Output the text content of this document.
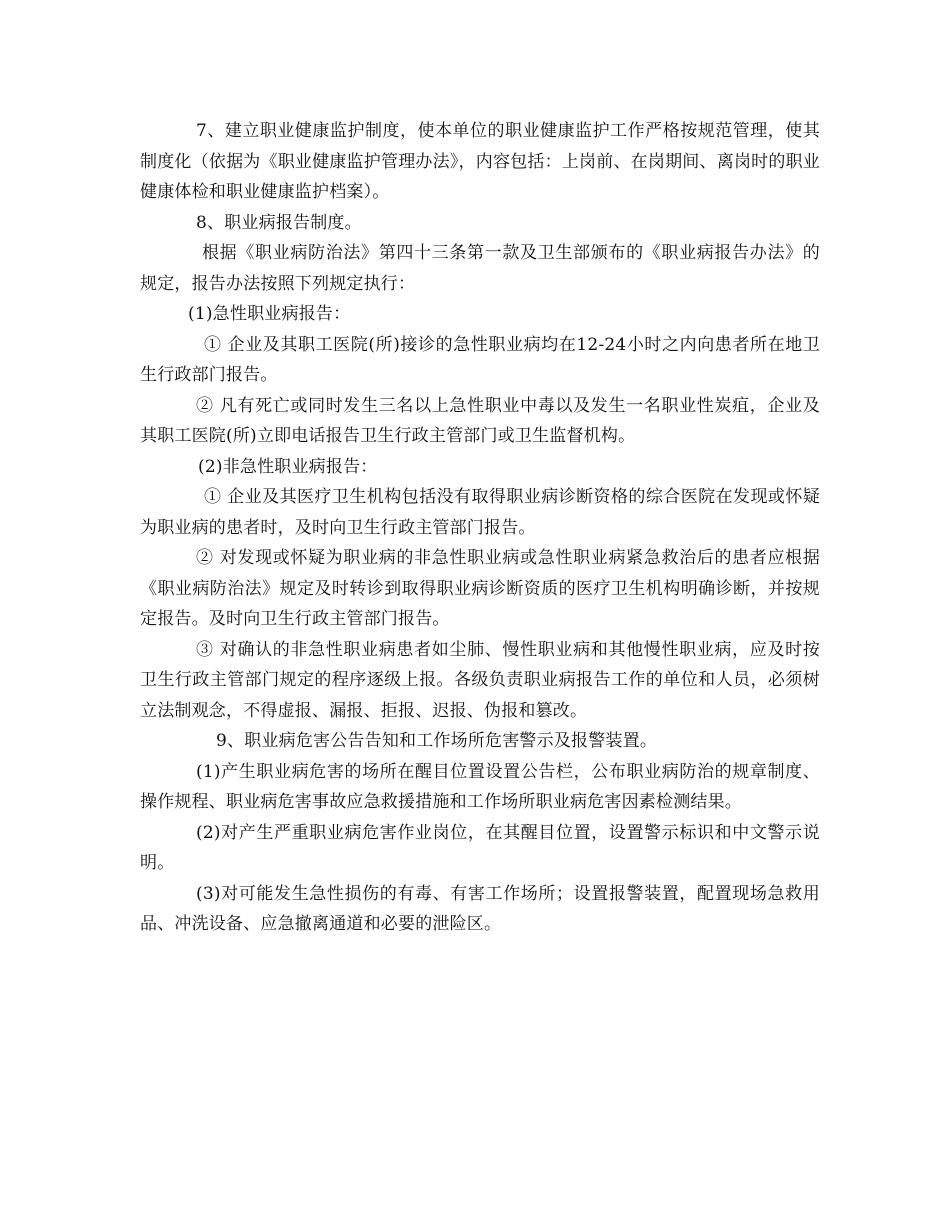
7、建立职业健康监护制度，使本单位的职业健康监护工作严格按规范管理，使其制度化（依据为《职业健康监护管理办法》，内容包括：上岗前、在岗期间、离岗时的职业健康体检和职业健康监护档案）。

8、职业病报告制度。

根据《职业病防治法》第四十三条第一款及卫生部颁布的《职业病报告办法》的规定，报告办法按照下列规定执行：

(1)急性职业病报告：

① 企业及其职工医院(所)接诊的急性职业病均在12-24小时之内向患者所在地卫生行政部门报告。

② 凡有死亡或同时发生三名以上急性职业中毒以及发生一名职业性炭疽，企业及其职工医院(所)立即电话报告卫生行政主管部门或卫生监督机构。

(2)非急性职业病报告：

① 企业及其医疗卫生机构包括没有取得职业病诊断资格的综合医院在发现或怀疑为职业病的患者时，及时向卫生行政主管部门报告。

② 对发现或怀疑为职业病的非急性职业病或急性职业病紧急救治后的患者应根据《职业病防治法》规定及时转诊到取得职业病诊断资质的医疗卫生机构明确诊断，并按规定报告。及时向卫生行政主管部门报告。

③ 对确认的非急性职业病患者如尘肺、慢性职业病和其他慢性职业病，应及时按卫生行政主管部门规定的程序逐级上报。各级负责职业病报告工作的单位和人员，必须树立法制观念，不得虚报、漏报、拒报、迟报、伪报和篡改。

9、职业病危害公告告知和工作场所危害警示及报警装置。

(1)产生职业病危害的场所在醒目位置设置公告栏，公布职业病防治的规章制度、操作规程、职业病危害事故应急救援措施和工作场所职业病危害因素检测结果。

(2)对产生严重职业病危害作业岗位，在其醒目位置，设置警示标识和中文警示说明。

(3)对可能发生急性损伤的有毒、有害工作场所；设置报警装置，配置现场急救用品、冲洗设备、应急撤离通道和必要的泄险区。
